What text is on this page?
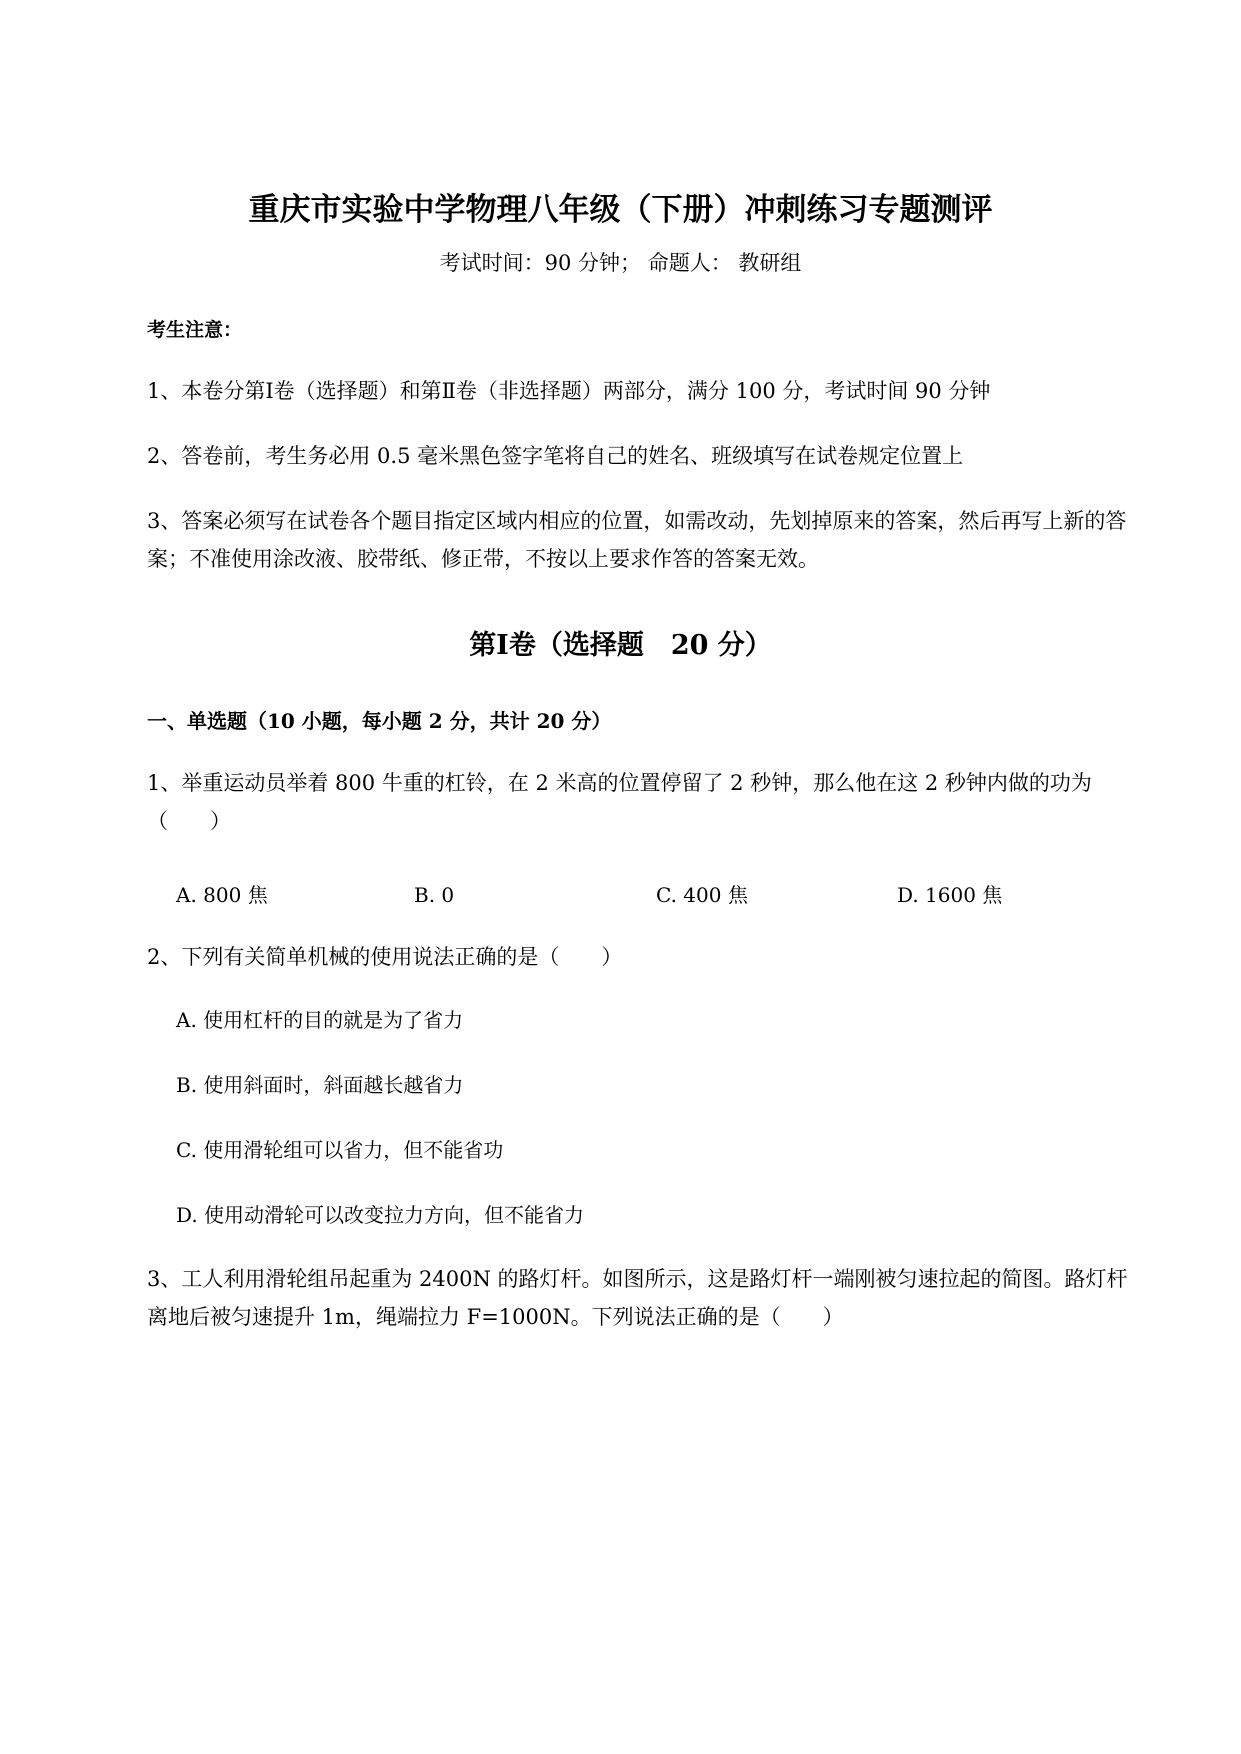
重庆市实验中学物理八年级（下册）冲刺练习专题测评
考试时间：90 分钟； 命题人： 教研组
考生注意：
1、本卷分第Ⅰ卷（选择题）和第Ⅱ卷（非选择题）两部分，满分 100 分，考试时间 90 分钟
2、答卷前，考生务必用 0.5 毫米黑色签字笔将自己的姓名、班级填写在试卷规定位置上
3、答案必须写在试卷各个题目指定区域内相应的位置，如需改动，先划掉原来的答案，然后再写上新的答案；不准使用涂改液、胶带纸、修正带，不按以上要求作答的答案无效。
第Ⅰ卷（选择题　20 分）
一、单选题（10 小题，每小题 2 分，共计 20 分）
1、举重运动员举着 800 牛重的杠铃，在 2 米高的位置停留了 2 秒钟，那么他在这 2 秒钟内做的功为（　　）
A. 800 焦	B. 0	C. 400 焦	D. 1600 焦
2、下列有关简单机械的使用说法正确的是（　　）
A. 使用杠杆的目的就是为了省力
B. 使用斜面时，斜面越长越省力
C. 使用滑轮组可以省力，但不能省功
D. 使用动滑轮可以改变拉力方向，但不能省力
3、工人利用滑轮组吊起重为 2400N 的路灯杆。如图所示，这是路灯杆一端刚被匀速拉起的简图。路灯杆离地后被匀速提升 1m，绳端拉力 F=1000N。下列说法正确的是（　　）
